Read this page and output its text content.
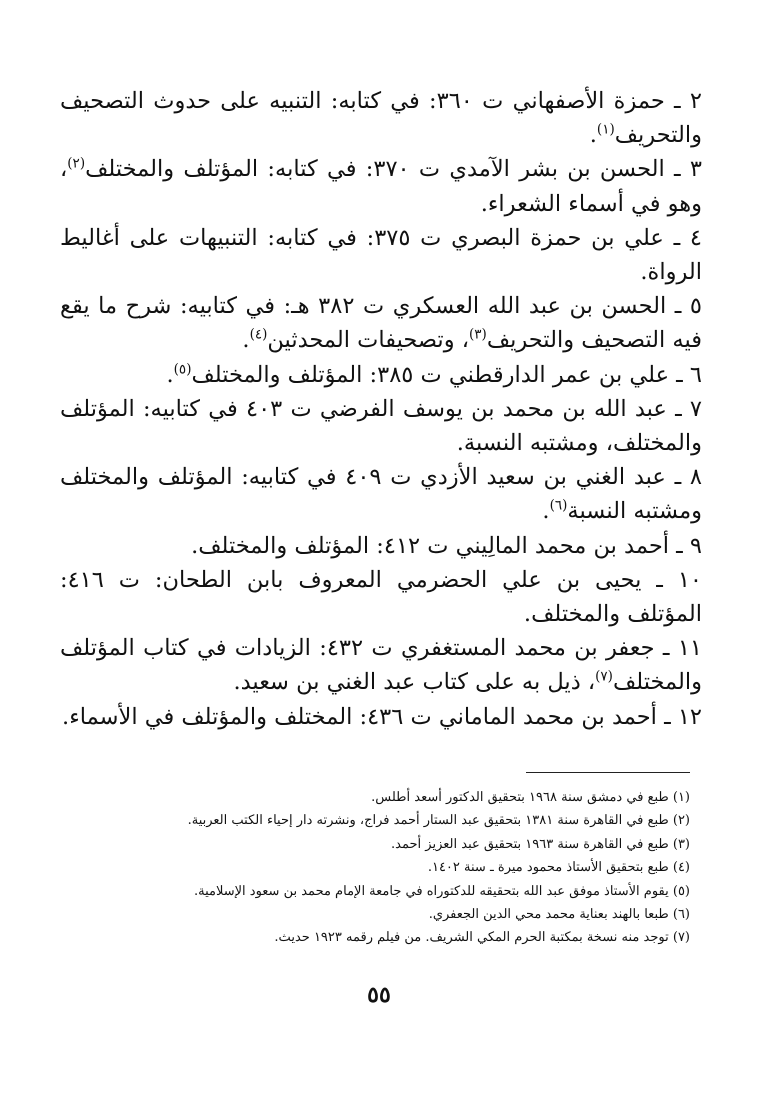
٢ ـ حمزة الأصفهاني ت ٣٦٠: في كتابه: التنبيه على حدوث التصحيف والتحريف$^{(١)}$.

٣ ـ الحسن بن بشر الآمدي ت ٣٧٠: في كتابه: المؤتلف والمختلف$^{(٢)}$، وهو في أسماء الشعراء.

٤ ـ علي بن حمزة البصري ت ٣٧٥: في كتابه: التنبيهات على أغاليط الرواة.

٥ ـ الحسن بن عبد الله العسكري ت ٣٨٢ هـ: في كتابيه: شرح ما يقع فيه التصحيف والتحريف$^{(٣)}$، وتصحيفات المحدثين$^{(٤)}$.

٦ ـ علي بن عمر الدارقطني ت ٣٨٥: المؤتلف والمختلف$^{(٥)}$.

٧ ـ عبد الله بن محمد بن يوسف الفرضي ت ٤٠٣ في كتابيه: المؤتلف والمختلف، ومشتبه النسبة.

٨ ـ عبد الغني بن سعيد الأزدي ت ٤٠٩ في كتابيه: المؤتلف والمختلف ومشتبه النسبة$^{(٦)}$.

٩ ـ أحمد بن محمد المالِيني ت ٤١٢: المؤتلف والمختلف.

١٠ ـ يحيى بن علي الحضرمي المعروف بابن الطحان: ت ٤١٦: المؤتلف والمختلف.

١١ ـ جعفر بن محمد المستغفري ت ٤٣٢: الزيادات في كتاب المؤتلف والمختلف$^{(٧)}$، ذيل به على كتاب عبد الغني بن سعيد.

١٢ ـ أحمد بن محمد الماماني ت ٤٣٦: المختلف والمؤتلف في الأسماء.

(١) طبع في دمشق سنة ١٩٦٨ بتحقيق الدكتور أسعد أطلس.
(٢) طبع في القاهرة سنة ١٣٨١ بتحقيق عبد الستار أحمد فراج، ونشرته دار إحياء الكتب العربية.
(٣) طبع في القاهرة سنة ١٩٦٣ بتحقيق عبد العزيز أحمد.
(٤) طبع بتحقيق الأستاذ محمود ميرة ـ سنة ١٤٠٢.
(٥) يقوم الأستاذ موفق عبد الله بتحقيقه للدكتوراه في جامعة الإمام محمد بن سعود الإسلامية.
(٦) طبعا بالهند بعناية محمد محي الدين الجعفري.
(٧) توجد منه نسخة بمكتبة الحرم المكي الشريف. من فيلم رقمه ١٩٢٣ حديث.
٥٥
